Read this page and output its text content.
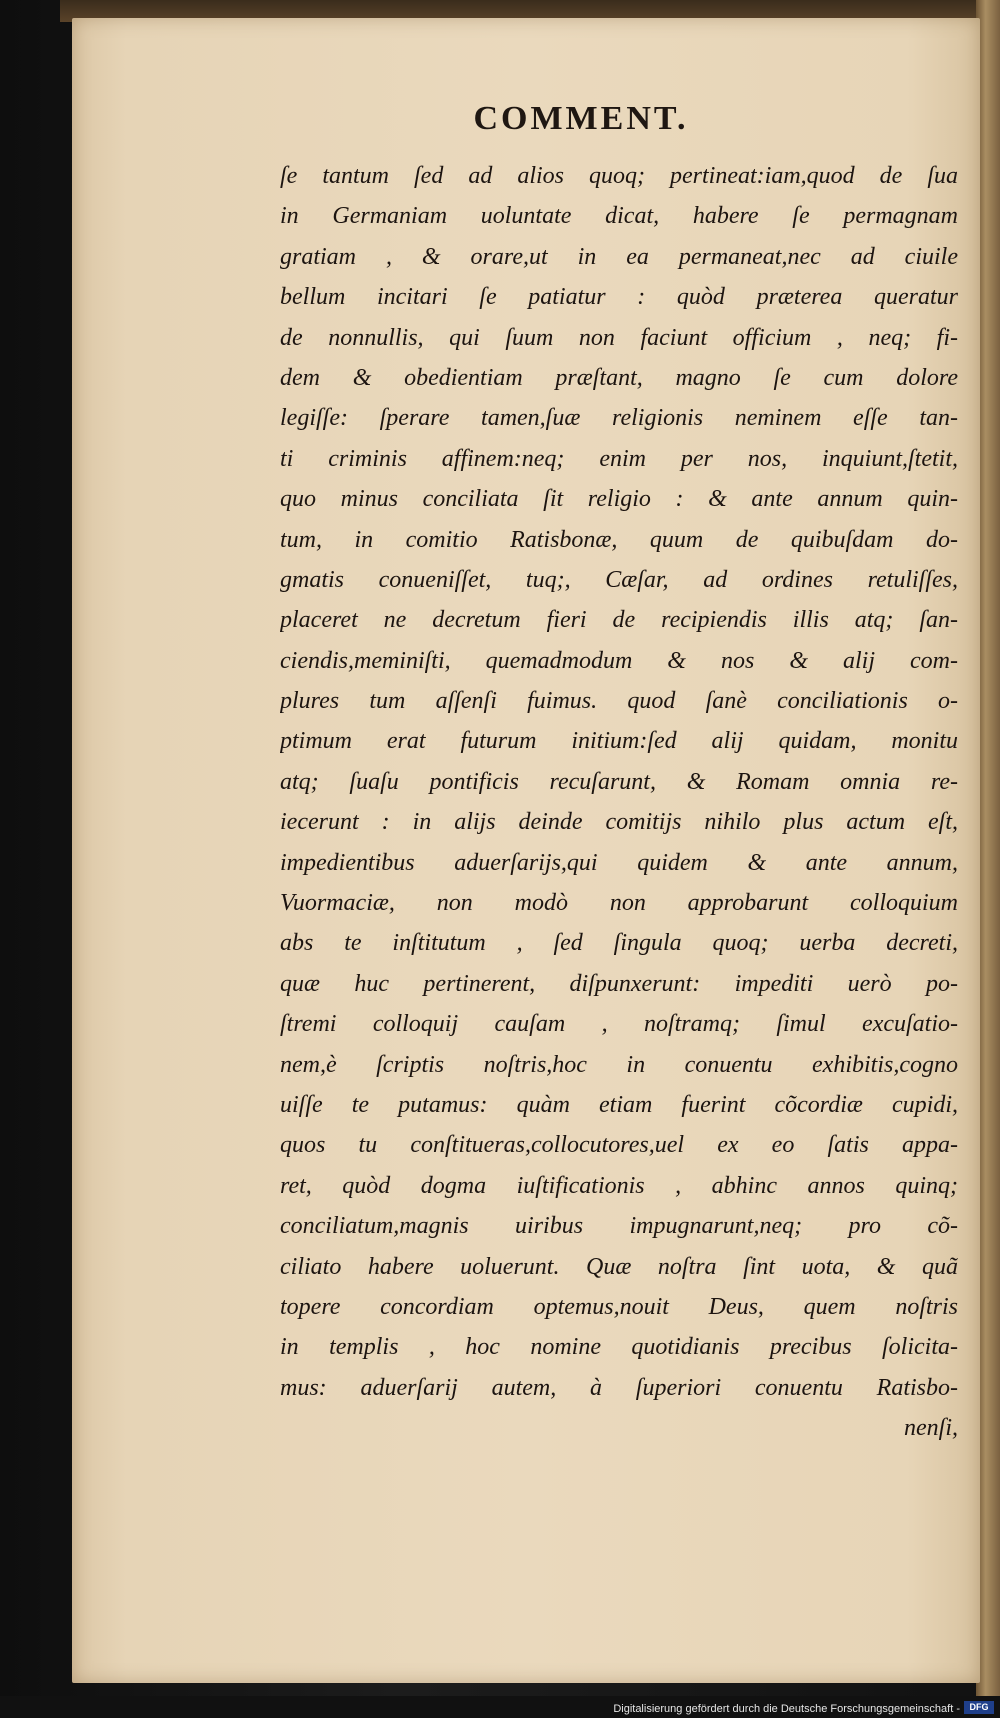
COMMENT.
ſe tantum ſed ad alios quoq; pertineat:iam,quod de ſua
in Germaniam uoluntate dicat, habere ſe permagnam
gratiam , & orare,ut in ea permaneat,nec ad ciuile
bellum incitari ſe patiatur : quòd præterea queratur
de nonnullis, qui ſuum non faciunt officium , neq; fi-
dem & obedientiam præſtant, magno ſe cum dolore
legiſſe: ſperare tamen,ſuæ religionis neminem eſſe tan-
ti criminis affinem:neq; enim per nos, inquiunt,ſtetit,
quo minus conciliata ſit religio : & ante annum quin-
tum, in comitio Ratisbonæ, quum de quibuſdam do-
gmatis conueniſſet, tuq;, Cæſar, ad ordines retuliſſes,
placeret ne decretum fieri de recipiendis illis atq; ſan-
ciendis,meminiſti, quemadmodum & nos & alij com-
plures tum aſſenſi fuimus. quod ſanè conciliationis o-
ptimum erat futurum initium:ſed alij quidam, monitu
atq; ſuaſu pontificis recuſarunt, & Romam omnia re-
iecerunt : in alijs deinde comitijs nihilo plus actum eſt,
impedientibus aduerſarijs,qui quidem & ante annum,
Vuormaciæ, non modò non approbarunt colloquium
abs te inſtitutum , ſed ſingula quoq; uerba decreti,
quæ huc pertinerent, diſpunxerunt: impediti uerò po-
ſtremi colloquij cauſam , noſtramq; ſimul excuſatio-
nem,è ſcriptis noſtris,hoc in conuentu exhibitis,cogno
uiſſe te putamus: quàm etiam fuerint cõcordiæ cupidi,
quos tu conſtitueras,collocutores,uel ex eo ſatis appa-
ret, quòd dogma iuſtificationis , abhinc annos quinq;
conciliatum,magnis uiribus impugnarunt,neq; pro cõ-
ciliato habere uoluerunt. Quæ noſtra ſint uota, & quã
topere concordiam optemus,nouit Deus, quem noſtris
in templis , hoc nomine quotidianis precibus ſolicita-
mus: aduerſarij autem, à ſuperiori conuentu Ratisbo-
nenſi,
Digitalisierung gefördert durch die Deutsche Forschungsgemeinschaft -	DFG
